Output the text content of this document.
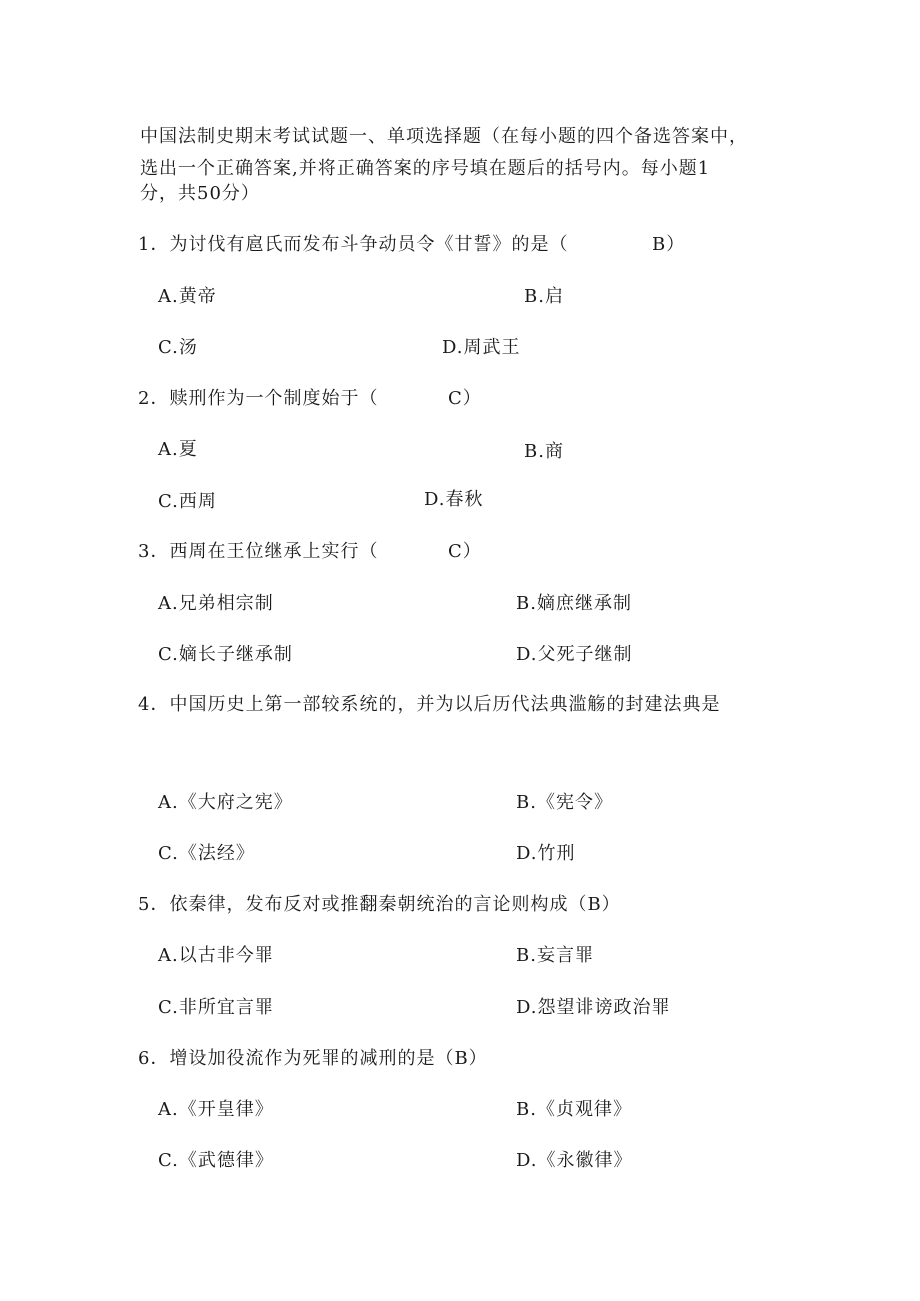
中国法制史期末考试试题一、单项选择题（在每小题的四个备选答案中，
选出一个正确答案,并将正确答案的序号填在题后的括号内。每小题1
分，共50分）
1．为讨伐有扈氏而发布斗争动员令《甘誓》的是（	B）
A.黄帝	B.启
C.汤	D.周武王
2．赎刑作为一个制度始于（	C）
A.夏	B.商
C.西周	D.春秋
3．西周在王位继承上实行（	C）
A.兄弟相宗制	B.嫡庶继承制
C.嫡长子继承制	D.父死子继制
4．中国历史上第一部较系统的，并为以后历代法典滥觞的封建法典是
A.《大府之宪》	B.《宪令》
C.《法经》	D.竹刑
5．依秦律，发布反对或推翻秦朝统治的言论则构成（B）
A.以古非今罪	B.妄言罪
C.非所宜言罪	D.怨望诽谤政治罪
6．增设加役流作为死罪的减刑的是（B）
A.《开皇律》	B.《贞观律》
C.《武德律》	D.《永徽律》
